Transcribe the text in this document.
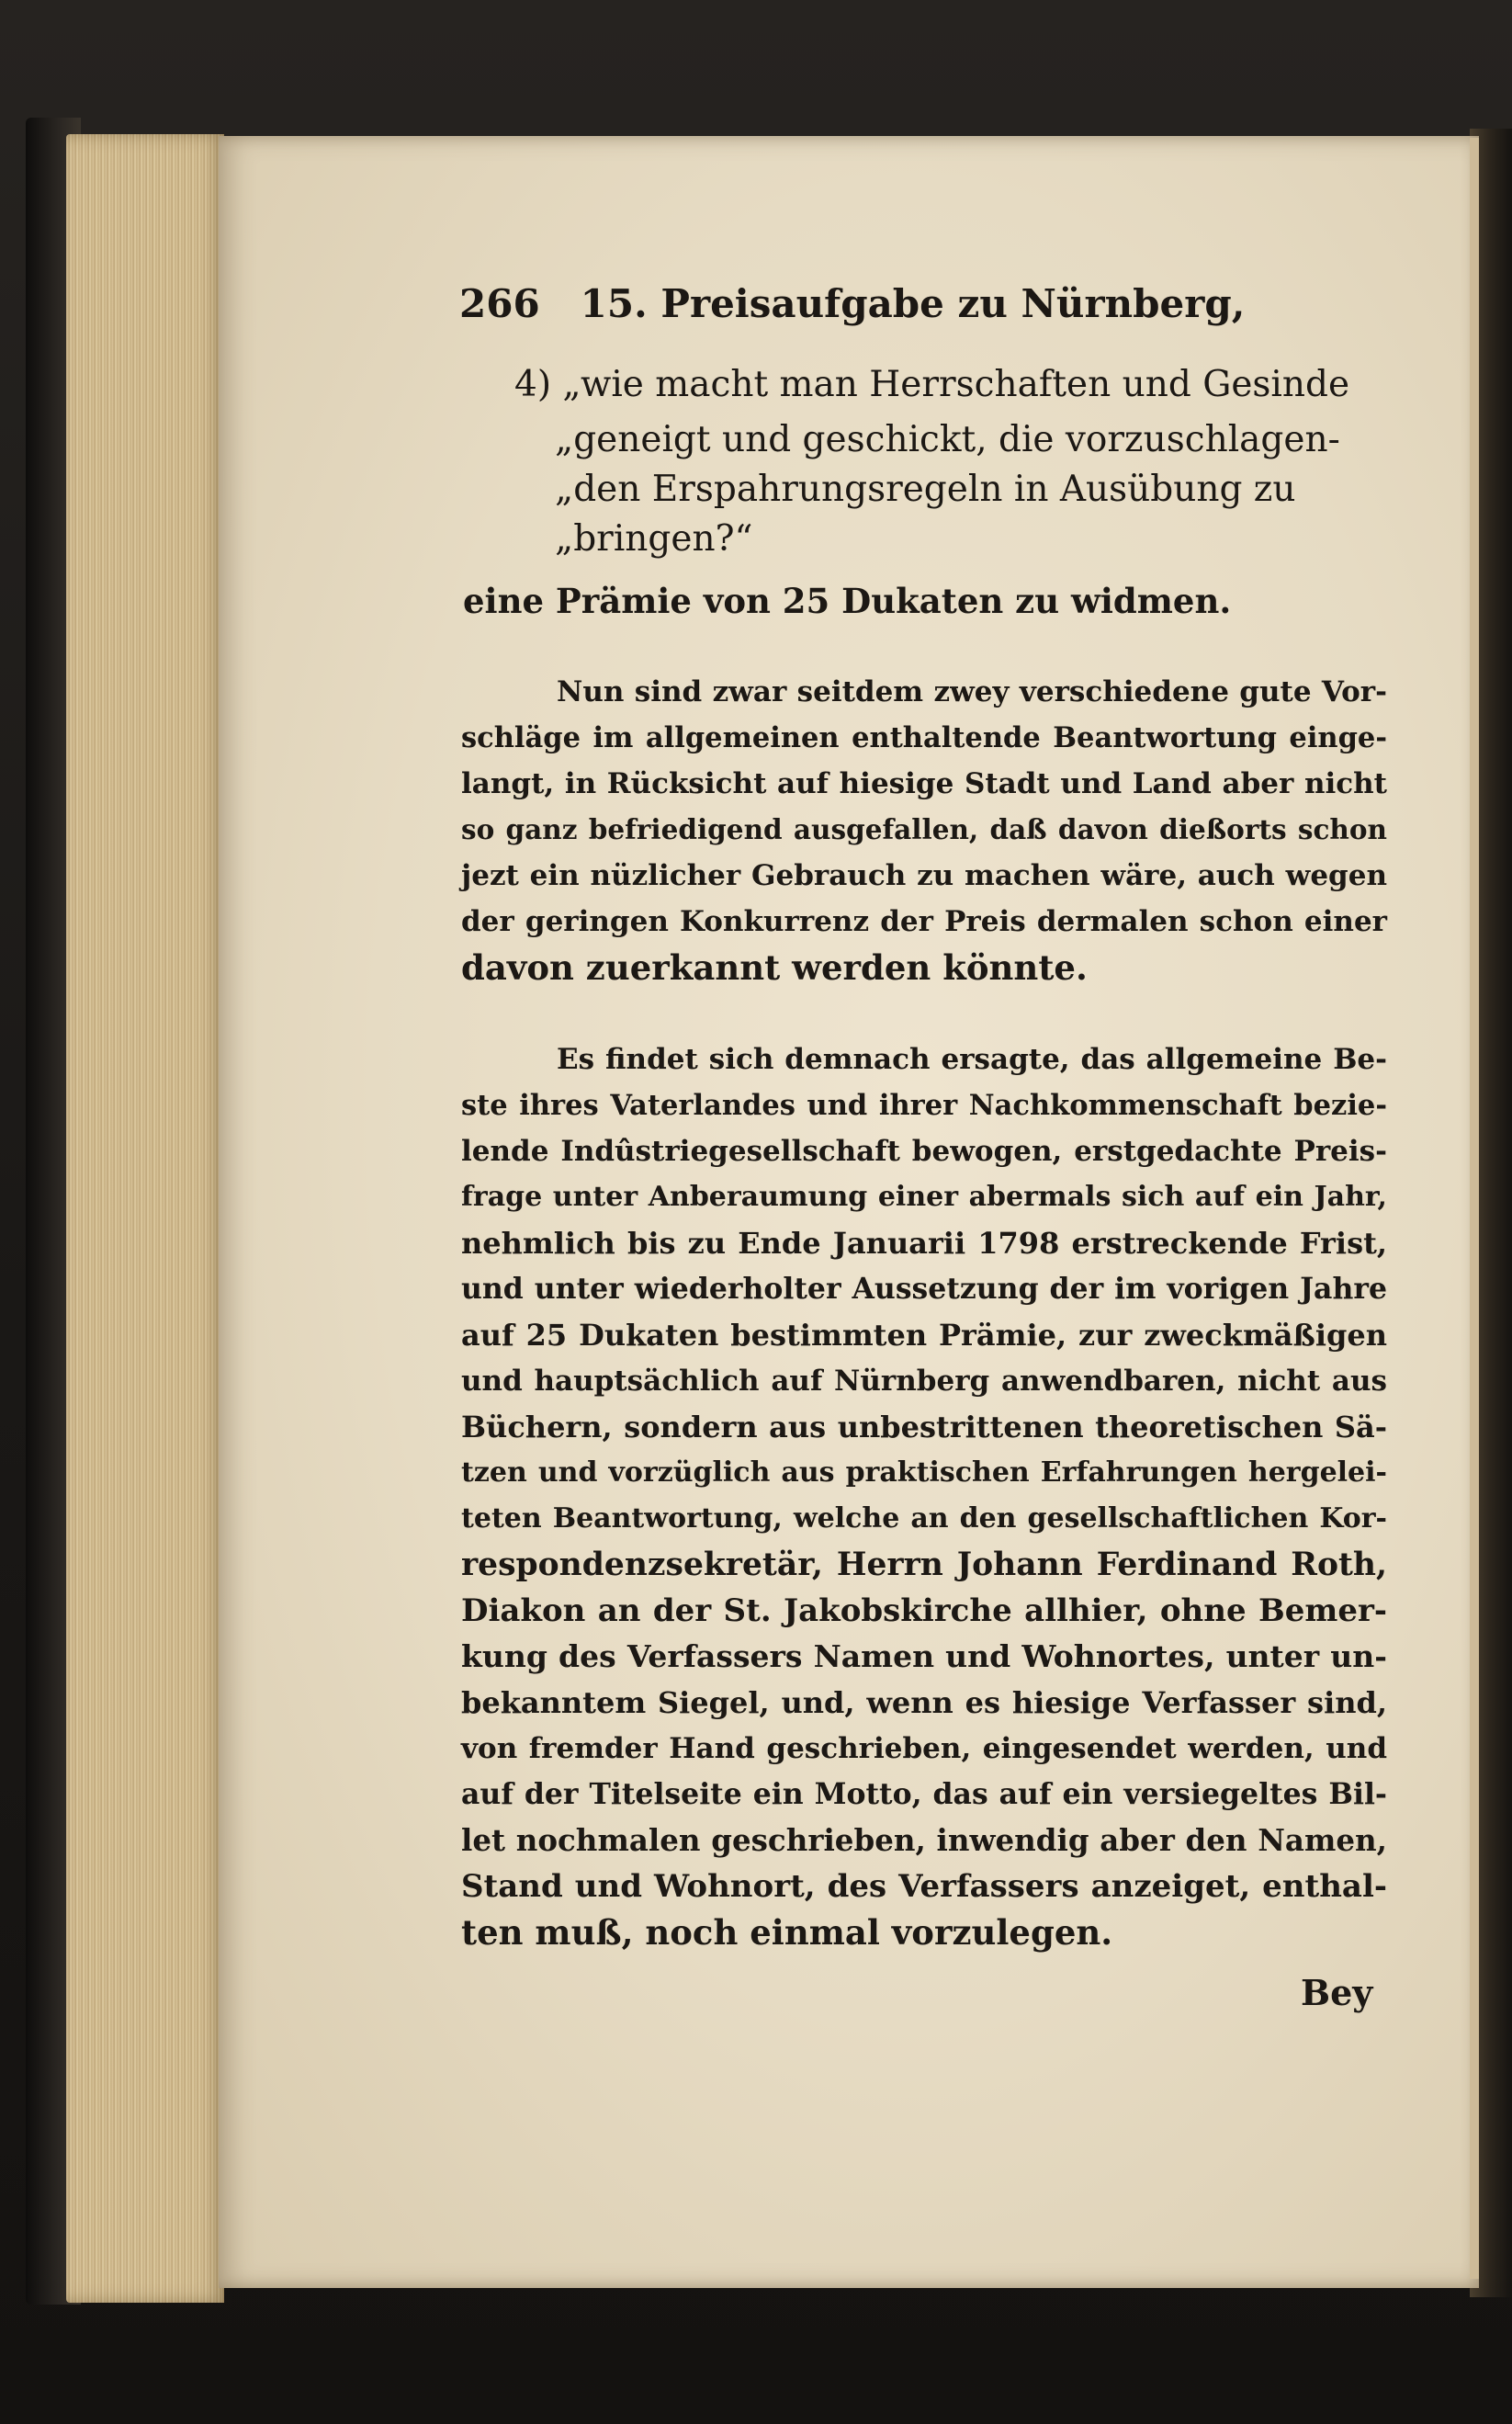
266 15. Preisaufgabe zu Nürnberg,
4) „wie macht man Herrschaften und Gesinde
„geneigt und geschickt, die vorzuschlagen-
„den Erspahrungsregeln in Ausübung zu
„bringen?“
eine Prämie von 25 Dukaten zu widmen.
Nun sind zwar seitdem zwey verschiedene gute Vor-
schläge im allgemeinen enthaltende Beantwortung einge-
langt, in Rücksicht auf hiesige Stadt und Land aber nicht
so ganz befriedigend ausgefallen, daß davon dießorts schon
jezt ein nüzlicher Gebrauch zu machen wäre, auch wegen
der geringen Konkurrenz der Preis dermalen schon einer
davon zuerkannt werden könnte.
Es findet sich demnach ersagte, das allgemeine Be-
ste ihres Vaterlandes und ihrer Nachkommenschaft bezie-
lende Indûstriegesellschaft bewogen, erstgedachte Preis-
frage unter Anberaumung einer abermals sich auf ein Jahr,
nehmlich bis zu Ende Januarii 1798 erstreckende Frist,
und unter wiederholter Aussetzung der im vorigen Jahre
auf 25 Dukaten bestimmten Prämie, zur zweckmäßigen
und hauptsächlich auf Nürnberg anwendbaren, nicht aus
Büchern, sondern aus unbestrittenen theoretischen Sä-
tzen und vorzüglich aus praktischen Erfahrungen hergelei-
teten Beantwortung, welche an den gesellschaftlichen Kor-
respondenzsekretär, Herrn Johann Ferdinand Roth,
Diakon an der St. Jakobskirche allhier, ohne Bemer-
kung des Verfassers Namen und Wohnortes, unter un-
bekanntem Siegel, und, wenn es hiesige Verfasser sind,
von fremder Hand geschrieben, eingesendet werden, und
auf der Titelseite ein Motto, das auf ein versiegeltes Bil-
let nochmalen geschrieben, inwendig aber den Namen,
Stand und Wohnort, des Verfassers anzeiget, enthal-
ten muß, noch einmal vorzulegen.
Bey
